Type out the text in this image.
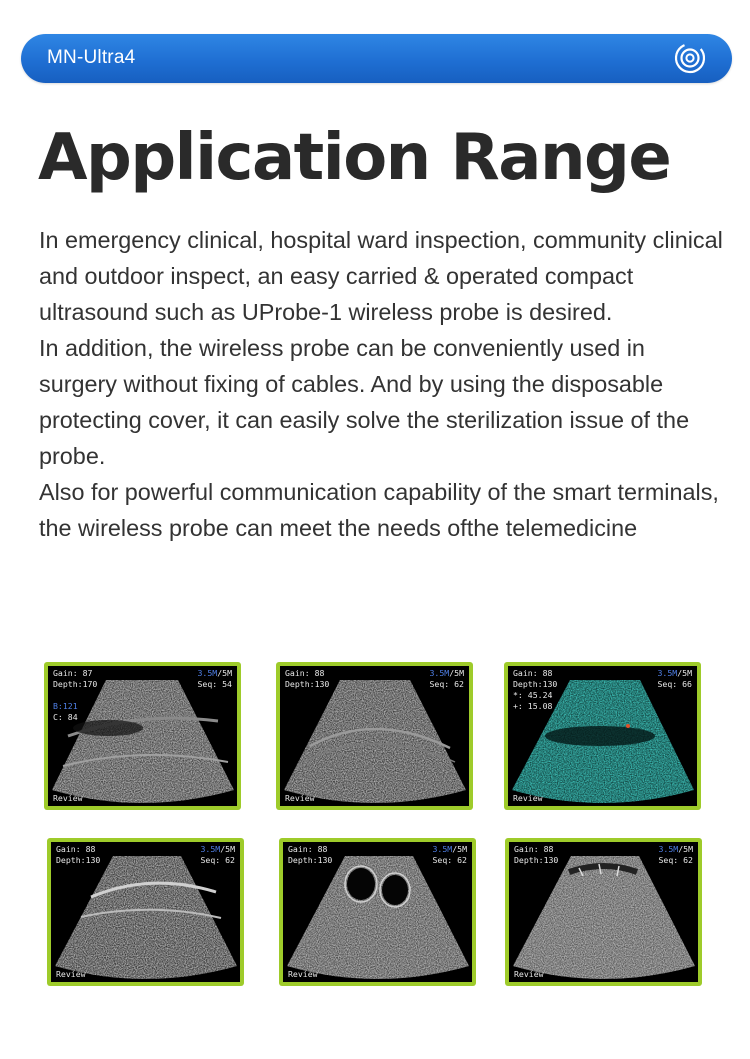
MN-Ultra4
Application Range

In emergency clinical, hospital ward inspection, community clinical and outdoor inspect, an easy carried & operated compact ultrasound such as UProbe-1 wireless probe is desired.

In addition, the wireless probe can be conveniently used in surgery without fixing of cables. And by using the disposable protecting cover, it can easily solve the sterilization issue of the probe.

Also for powerful communication capability of the smart terminals, the wireless probe can meet the needs ofthe telemedicine

Gain: 87
Depth:170
B:121
C: 84
3.5M/5M
Seq: 54
Review
Gain: 88
Depth:130
3.5M/5M
Seq: 62
Review
Gain: 88
Depth:130
*: 45.24
+: 15.08
3.5M/5M
Seq: 66
Review
Gain: 88
Depth:130
3.5M/5M
Seq: 62
Review
Gain: 88
Depth:130
3.5M/5M
Seq: 62
Review
Gain: 88
Depth:130
3.5M/5M
Seq: 62
Review
